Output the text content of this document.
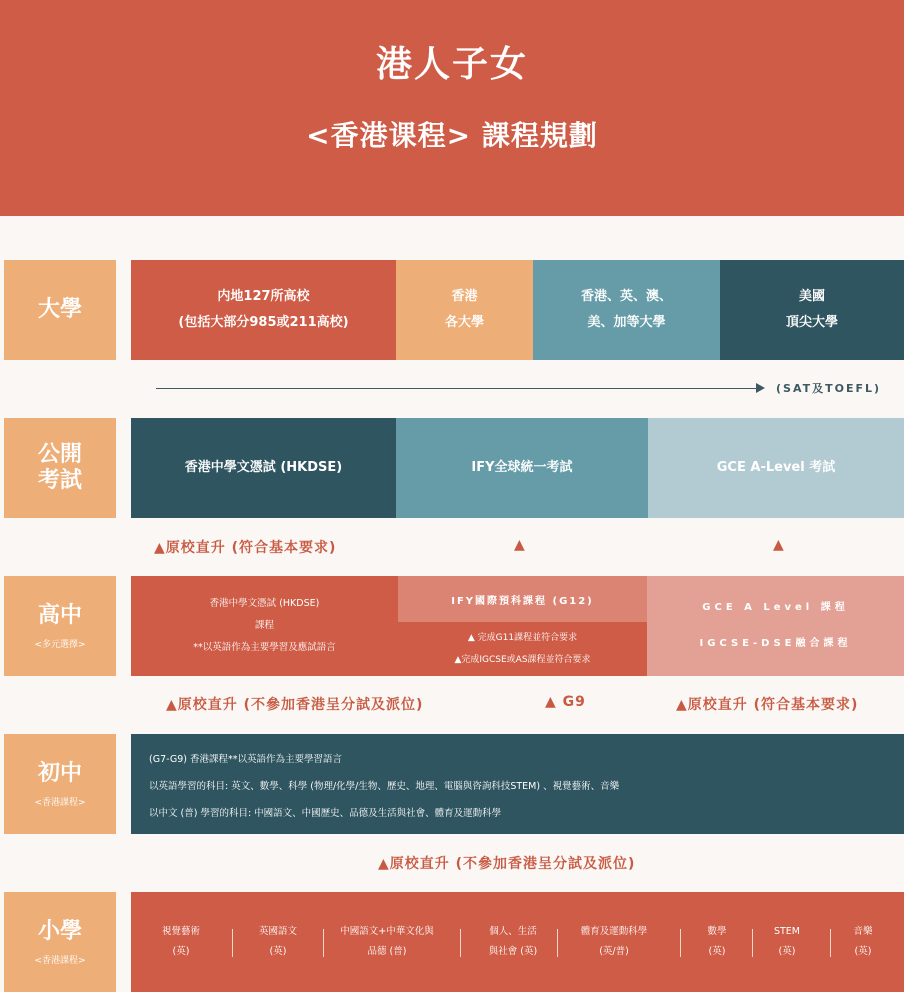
港人子女
<香港课程> 課程規劃
大學
内地127所高校
(包括大部分985或211高校)
香港
各大學
香港、英、澳、
美、加等大學
美國
頂尖大學
(SAT及TOEFL)
公開
考試
香港中學文憑試 (HKDSE)	IFY全球統一考試	GCE A-Level 考試
▲原校直升 (符合基本要求)	▲	▲
高中
<多元選擇>
香港中學文憑試 (HKDSE)
課程
**以英語作為主要學習及應試語言
IFY國際預科課程 (G12)
▲ 完成G11課程並符合要求
▲完成IGCSE或AS課程並符合要求
GCE A Level 課程
IGCSE-DSE融合課程
▲原校直升 (不參加香港呈分試及派位)	▲ G9	▲原校直升 (符合基本要求)
初中
<香港課程>
(G7-G9) 香港課程**以英語作為主要學習語言
以英語學習的科目: 英文、數學、科學 (物理/化學/生物、歷史、地理、電腦與咨詢科技STEM) 、視覺藝術、音樂
以中文 (普) 學習的科目: 中國語文、中國歷史、品德及生活與社會、體育及運動科學
▲原校直升 (不參加香港呈分試及派位)
小學
<香港課程>
視覺藝術
(英)
英國語文
(英)
中國語文+中華文化與
品德 (普)
個人、生活
與社會 (英)
體育及運動科學
(英/普)
數學
(英)
STEM
(英)
音樂
(英)
